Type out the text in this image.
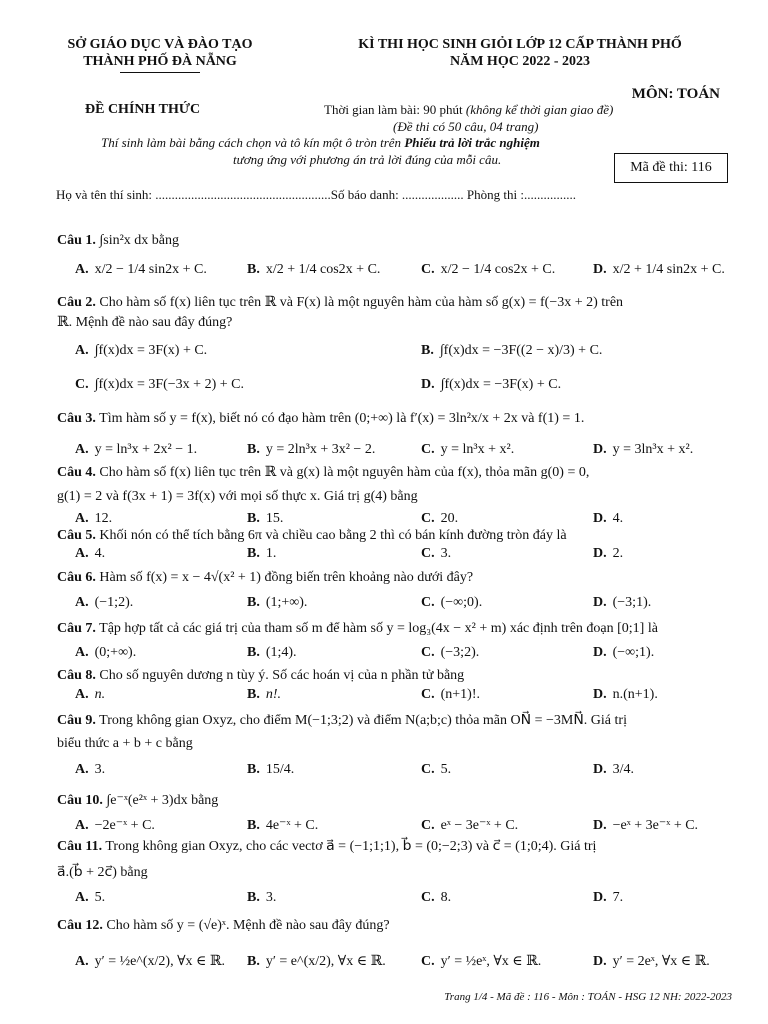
SỞ GIÁO DỤC VÀ ĐÀO TẠO
THÀNH PHỐ ĐÀ NẴNG
KÌ THI HỌC SINH GIỎI LỚP 12 CẤP THÀNH PHỐ
NĂM HỌC 2022 - 2023
MÔN: TOÁN
ĐỀ CHÍNH THỨC	Thời gian làm bài: 90 phút (không kể thời gian giao đề)
(Đề thi có 50 câu, 04 trang)
Thí sinh làm bài bằng cách chọn và tô kín một ô tròn trên Phiếu trả lời trắc nghiệm
tương ứng với phương án trả lời đúng của mỗi câu.
Mã đề thi: 116
Họ và tên thí sinh: ......................................................Số báo danh: ................... Phòng thi :................
Câu 1. ∫sin²x dx bằng
A. x/2 − 1/4 sin2x + C.	B. x/2 + 1/4 cos2x + C.	C. x/2 − 1/4 cos2x + C.	D. x/2 + 1/4 sin2x + C.
Câu 2. Cho hàm số f(x) liên tục trên ℝ và F(x) là một nguyên hàm của hàm số g(x) = f(−3x + 2) trên
ℝ. Mệnh đề nào sau đây đúng?
A. ∫f(x)dx = 3F(x) + C.	B. ∫f(x)dx = −3F((2 − x)/3) + C.
C. ∫f(x)dx = 3F(−3x + 2) + C.	D. ∫f(x)dx = −3F(x) + C.
Câu 3. Tìm hàm số y = f(x), biết nó có đạo hàm trên (0;+∞) là f′(x) = 3ln²x/x + 2x và f(1) = 1.
A. y = ln³x + 2x² − 1.	B. y = 2ln³x + 3x² − 2.	C. y = ln³x + x².	D. y = 3ln³x + x².
Câu 4. Cho hàm số f(x) liên tục trên ℝ và g(x) là một nguyên hàm của f(x), thỏa mãn g(0) = 0,
g(1) = 2 và f(3x + 1) = 3f(x) với mọi số thực x. Giá trị g(4) bằng
A. 12.	B. 15.	C. 20.	D. 4.
Câu 5. Khối nón có thể tích bằng 6π và chiều cao bằng 2 thì có bán kính đường tròn đáy là
A. 4.	B. 1.	C. 3.	D. 2.
Câu 6. Hàm số f(x) = x − 4√(x² + 1) đồng biến trên khoảng nào dưới đây?
A. (−1;2).	B. (1;+∞).	C. (−∞;0).	D. (−3;1).
Câu 7. Tập hợp tất cả các giá trị của tham số m để hàm số y = log₃(4x − x² + m) xác định trên đoạn [0;1] là
A. (0;+∞).	B. (1;4).	C. (−3;2).	D. (−∞;1).
Câu 8. Cho số nguyên dương n tùy ý. Số các hoán vị của n phần tử bằng
A. n.	B. n!.	C. (n+1)!.	D. n.(n+1).
Câu 9. Trong không gian Oxyz, cho điểm M(−1;3;2) và điểm N(a;b;c) thỏa mãn ON⃗ = −3MN⃗. Giá trị
biểu thức a + b + c bằng
A. 3.	B. 15/4.	C. 5.	D. 3/4.
Câu 10. ∫e⁻ˣ(e²ˣ + 3)dx bằng
A. −2e⁻ˣ + C.	B. 4e⁻ˣ + C.	C. eˣ − 3e⁻ˣ + C.	D. −eˣ + 3e⁻ˣ + C.
Câu 11. Trong không gian Oxyz, cho các vectơ a⃗ = (−1;1;1), b⃗ = (0;−2;3) và c⃗ = (1;0;4). Giá trị
a⃗.(b⃗ + 2c⃗) bằng
A. 5.	B. 3.	C. 8.	D. 7.
Câu 12. Cho hàm số y = (√e)ˣ. Mệnh đề nào sau đây đúng?
A. y′ = ½e^(x/2), ∀x ∈ ℝ. B. y′ = e^(x/2), ∀x ∈ ℝ.	C. y′ = ½eˣ, ∀x ∈ ℝ.	D. y′ = 2eˣ, ∀x ∈ ℝ.
Trang 1/4 - Mã đề : 116 - Môn : TOÁN - HSG 12 NH: 2022-2023
